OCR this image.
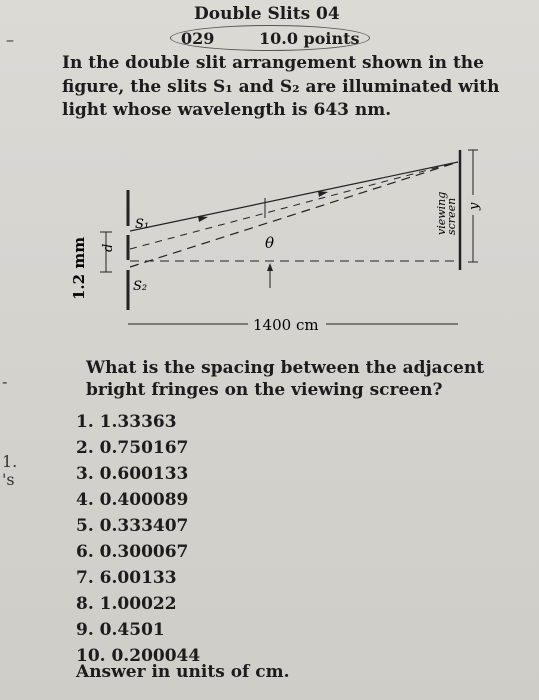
–
-
1.
's
Double Slits 04
029	10.0 points
In the double slit arrangement shown in the
figure, the slits S₁ and S₂ are illuminated with
light whose wavelength is 643 nm.
S₁
S₂
1.2 mm d	θ
1400 cm
viewing
screen y
What is the spacing between the adjacent
bright fringes on the viewing screen?
1. 1.33363
2. 0.750167
3. 0.600133
4. 0.400089
5. 0.333407
6. 0.300067
7. 6.00133
8. 1.00022
9. 0.4501
10. 0.200044
Answer in units of cm.
